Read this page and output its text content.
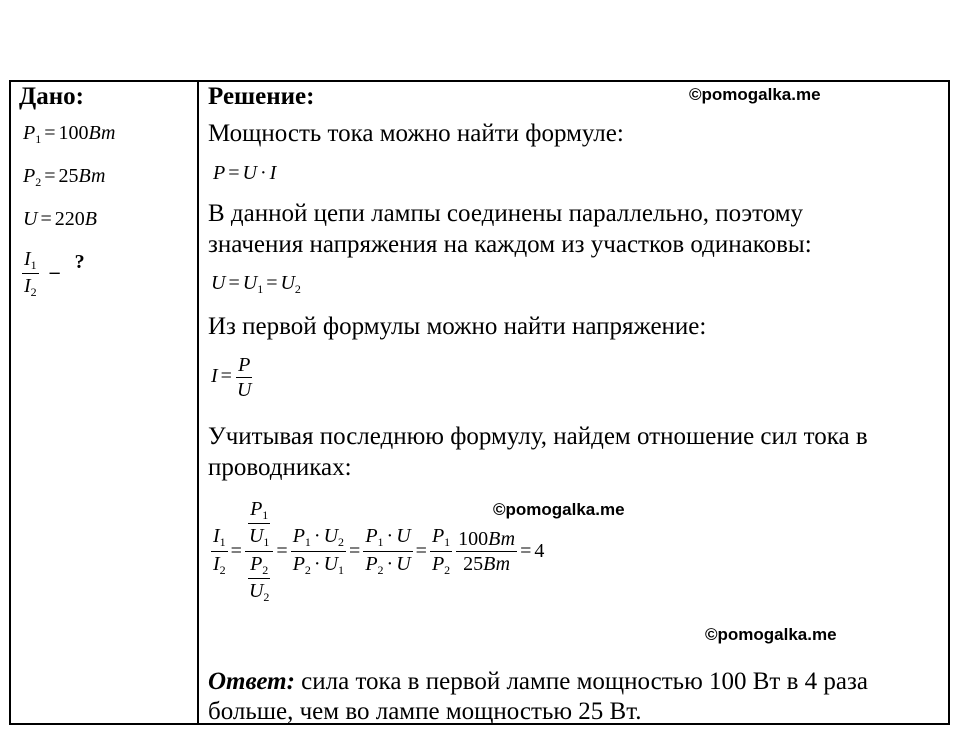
Дано:
$P_1 = 100Вт$
$P_2 = 25Вт$
U = 220В
$\frac{I_1}{I_2}$ – ?
Решение:	©pomogalka.me
Мощность тока можно найти формуле:
P = U · I
В данной цепи лампы соединены параллельно, поэтому
значения напряжения на каждом из участков одинаковы:
$U = U_1 = U_2$
Из первой формулы можно найти напряжение:
$I = \frac{P}{U}$
Учитывая последнюю формулу, найдем отношение сил тока в
проводниках:
©pomogalka.me
$\frac{I_1}{I_2} = \frac{\frac{P_1}{U_1}}{\frac{P_2}{U_2}} = \frac{P_1 \cdot U_2}{P_2 \cdot U_1} = \frac{P_1 \cdot U}{P_2 \cdot U} = \frac{P_1}{P_2} \frac{100Вт}{25Вт} = 4$
©pomogalka.me
Ответ: сила тока в первой лампе мощностью 100 Вт в 4 раза
больше, чем во лампе мощностью 25 Вт.
